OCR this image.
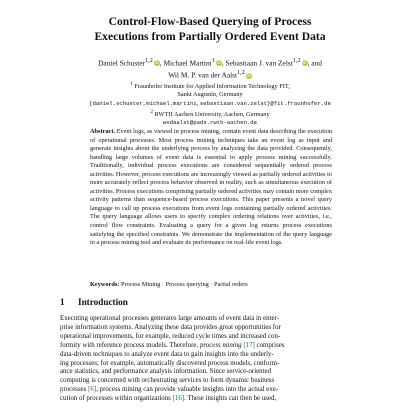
Control-Flow-Based Querying of Process
Executions from Partially Ordered Event Data
Daniel Schuster$^{1,2}$ iD, Michael Martini$^1$ iD, Sebastiaan J. van Zelst$^{1,2}$ iD, and
Wil M. P. van der Aalst$^{1,2}$ iD
$^1$ Fraunhofer Institute for Applied Information Technology FIT,
Sankt Augustin, Germany
{daniel.schuster,michael.martini,sebastiaan.van.zelst}@fit.fraunhofer.de
$^2$ RWTH Aachen University, Aachen, Germany
wvdaalst@pads.rwth-aachen.de
Abstract. Event logs, as viewed in process mining, contain event data describing the execution of operational processes. Most process mining techniques take an event log as input and generate insights about the underlying process by analyzing the data provided. Consequently, handling large volumes of event data is essential to apply process mining successfully. Traditionally, individual process executions are considered sequentially ordered process activities. However, process executions are increasingly viewed as partially ordered activities to more accurately reflect process behavior observed in reality, such as simultaneous execution of activities. Process executions comprising partially ordered activities may contain more complex activity patterns than sequence-based process executions. This paper presents a novel query language to call up process executions from event logs containing partially ordered activities. The query language allows users to specify complex ordering relations over activities, i.e., control flow constraints. Evaluating a query for a given log returns process executions satisfying the specified constraints. We demonstrate the implementation of the query language in a process mining tool and evaluate its performance on real-life event logs.
Keywords: Process Mining · Process querying · Partial orders
1 Introduction
Executing operational processes generates large amounts of event data in enter-
prise information systems. Analyzing these data provides great opportunities for
operational improvements, for example, reduced cycle times and increased con-
formity with reference process models. Therefore, process mining [17] comprises
data-driven techniques to analyze event data to gain insights into the underly-
ing processes; for example, automatically discovered process models, conform-
ance statistics, and performance analysis information. Since service-oriented
computing is concerned with orchestrating services to form dynamic business
processes [6], process mining can provide valuable insights into the actual exe-
cution of processes within organizations [16]. These insights can then be used,
